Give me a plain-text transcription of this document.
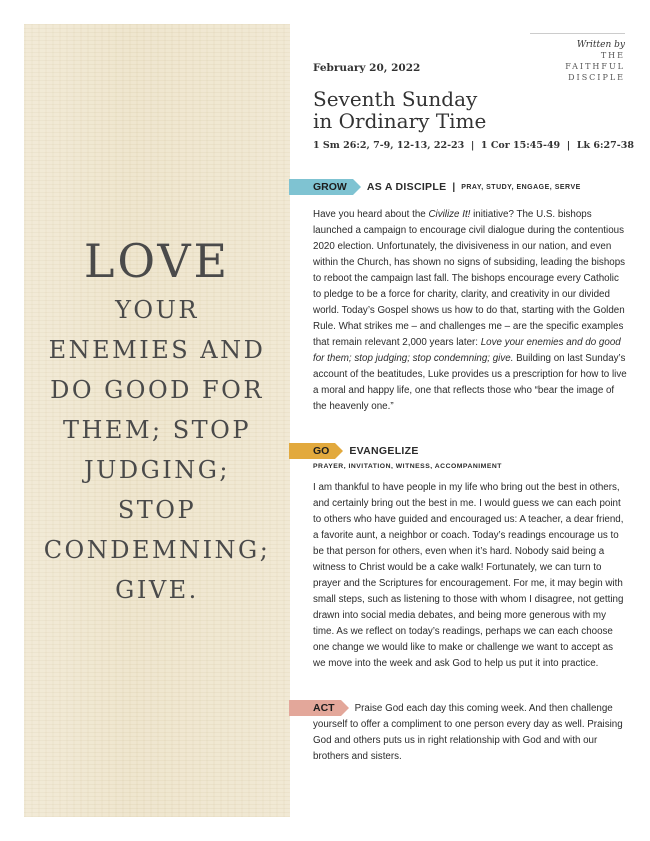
LOVE
YOUR
ENEMIES AND
DO GOOD FOR
THEM; STOP
JUDGING;
STOP
CONDEMNING;
GIVE.
Written by
THE
FAITHFUL
DISCIPLE
February 20, 2022
Seventh Sunday
in Ordinary Time
1 Sm 26:2, 7-9, 12-13, 22-23  |  1 Cor 15:45-49  |  Lk 6:27-38
GROW	AS A DISCIPLE | PRAY, STUDY, ENGAGE, SERVE

Have you heard about the Civilize It! initiative? The U.S. bishops launched a campaign to encourage civil dialogue during the contentious 2020 election. Unfortunately, the divisiveness in our nation, and even within the Church, has shown no signs of subsiding, leading the bishops to reboot the campaign last fall. The bishops encourage every Catholic to pledge to be a force for charity, clarity, and creativity in our divided world. Today’s Gospel shows us how to do that, starting with the Golden Rule. What strikes me – and challenges me – are the specific examples that remain relevant 2,000 years later: Love your enemies and do good for them; stop judging; stop condemning; give. Building on last Sunday’s account of the beatitudes, Luke provides us a prescription for how to live a moral and happy life, one that reflects those who “bear the image of the heavenly one.”

GO	EVANGELIZE
PRAYER, INVITATION, WITNESS, ACCOMPANIMENT

I am thankful to have people in my life who bring out the best in others, and certainly bring out the best in me. I would guess we can each point to others who have guided and encouraged us: A teacher, a dear friend, a favorite aunt, a neighbor or coach. Today’s readings encourage us to be that person for others, even when it’s hard. Nobody said being a witness to Christ would be a cake walk! Fortunately, we can turn to prayer and the Scriptures for encouragement. For me, it may begin with small steps, such as listening to those with whom I disagree, not getting drawn into social media debates, and being more generous with my time. As we reflect on today’s readings, perhaps we can each choose one change we would like to make or challenge we want to accept as we move into the week and ask God to help us put it into practice.

ACT Praise God each day this coming week. And then challenge yourself to offer a compliment to one person every day as well. Praising God and others puts us in right relationship with God and with our brothers and sisters.
